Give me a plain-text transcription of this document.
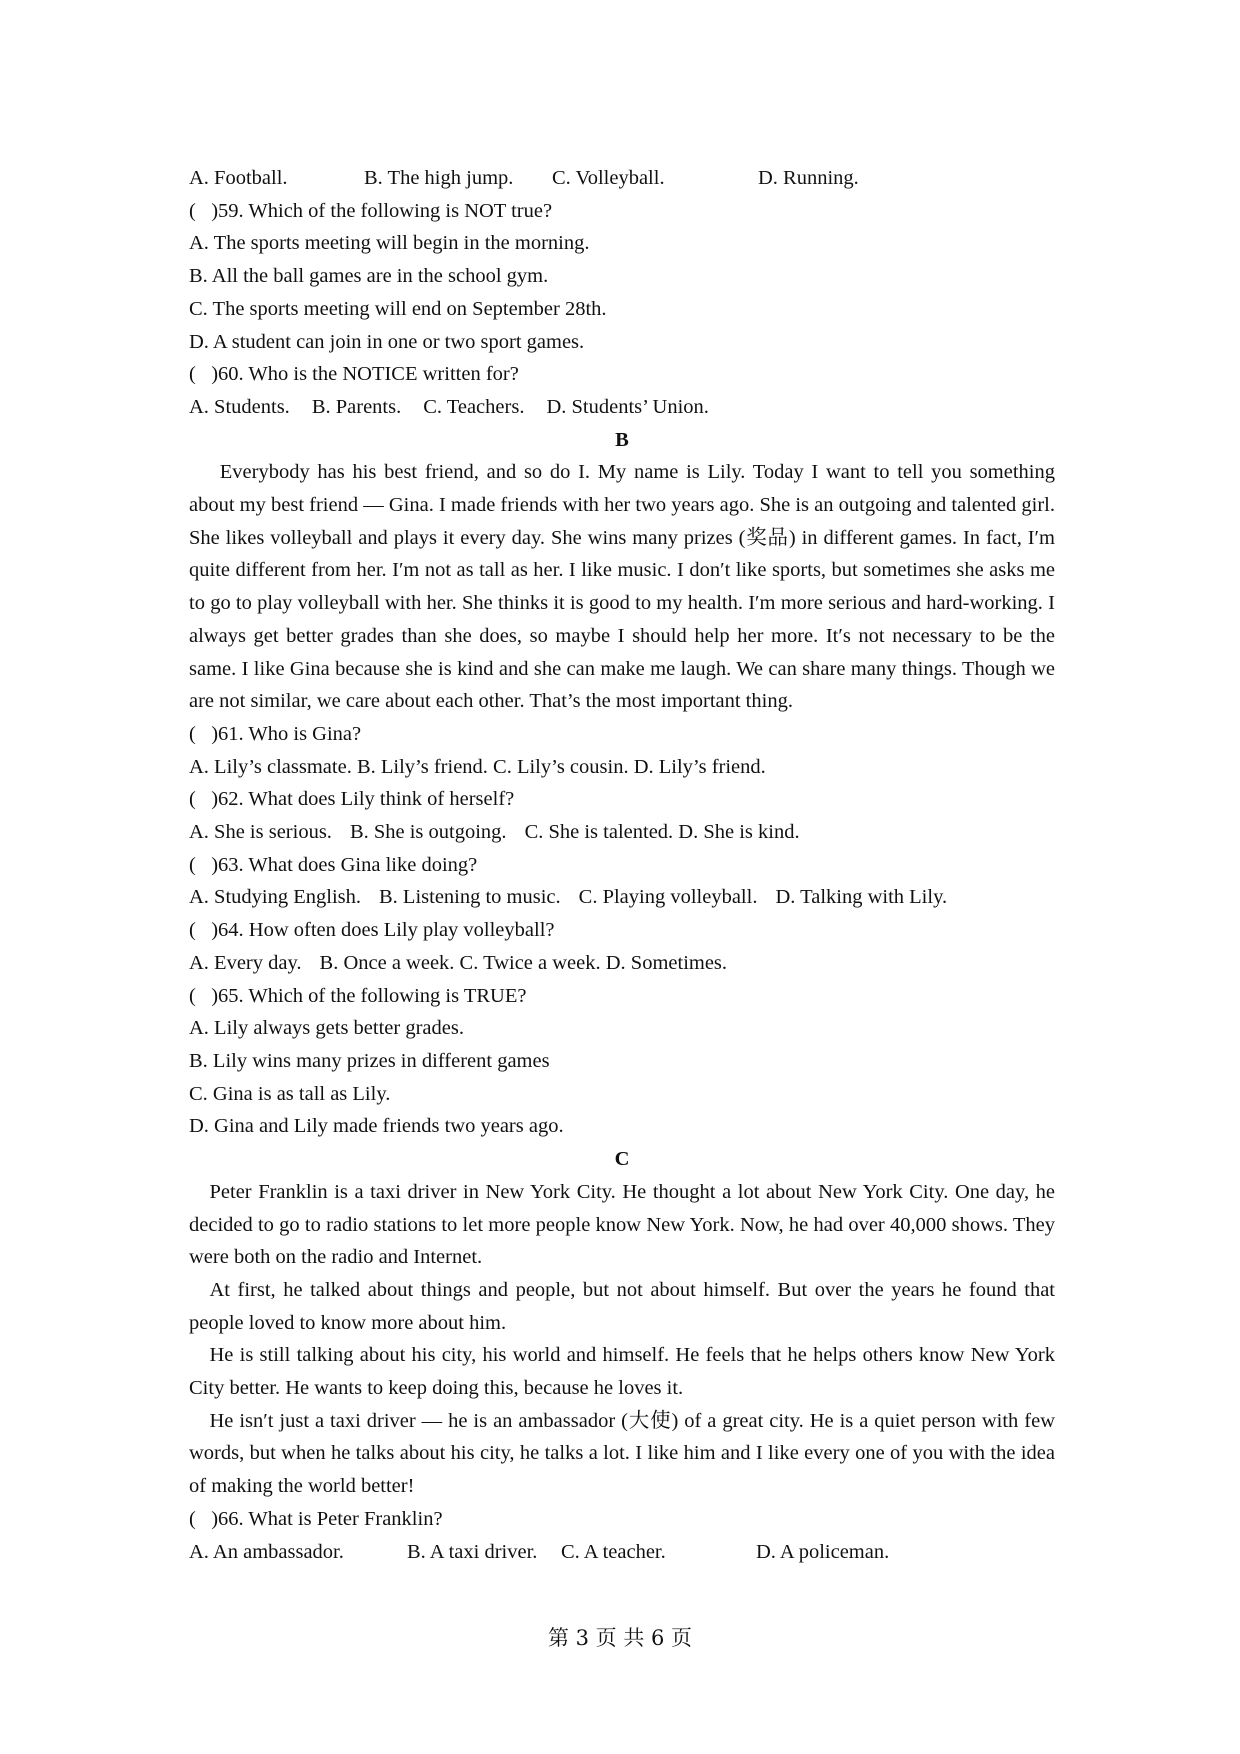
A. Football.	B. The high jump.	C. Volleyball.	D. Running.
(   )59. Which of the following is NOT true?
A. The sports meeting will begin in the morning.
B. All the ball games are in the school gym.
C. The sports meeting will end on September 28th.
D. A student can join in one or two sport games.
(   )60. Who is the NOTICE written for?
A. Students. B. Parents. C. Teachers. D. Students’ Union.
B
Everybody has his best friend, and so do I. My name is Lily. Today I want to tell you something about my best friend — Gina. I made friends with her two years ago. She is an outgoing and talented girl. She likes volleyball and plays it every day. She wins many prizes (奖品) in different games. In fact, I′m quite different from her. I′m not as tall as her. I like music. I don′t like sports, but sometimes she asks me to go to play volleyball with her. She thinks it is good to my health. I′m more serious and hard-working. I always get better grades than she does, so maybe I should help her more. It′s not necessary to be the same. I like Gina because she is kind and she can make me laugh. We can share many things. Though we are not similar, we care about each other. That’s the most important thing.
(   )61. Who is Gina?
A. Lily’s classmate. B. Lily’s friend. C. Lily’s cousin. D. Lily’s friend.
(   )62. What does Lily think of herself?
A. She is serious. B. She is outgoing. C. She is talented. D. She is kind.
(   )63. What does Gina like doing?
A. Studying English. B. Listening to music. C. Playing volleyball. D. Talking with Lily.
(   )64. How often does Lily play volleyball?
A. Every day. B. Once a week. C. Twice a week. D. Sometimes.
(   )65. Which of the following is TRUE?
A. Lily always gets better grades.
B. Lily wins many prizes in different games
C. Gina is as tall as Lily.
D. Gina and Lily made friends two years ago.
C
Peter Franklin is a taxi driver in New York City. He thought a lot about New York City. One day, he decided to go to radio stations to let more people know New York. Now, he had over 40,000 shows. They were both on the radio and Internet.
At first, he talked about things and people, but not about himself. But over the years he found that people loved to know more about him.
He is still talking about his city, his world and himself. He feels that he helps others know New York City better. He wants to keep doing this, because he loves it.
He isn′t just a taxi driver — he is an ambassador (大使) of a great city. He is a quiet person with few words, but when he talks about his city, he talks a lot. I like him and I like every one of you with the idea of making the world better!
(   )66. What is Peter Franklin?
A. An ambassador.	B. A taxi driver.	C. A teacher.	D. A policeman.
第 3 页 共 6 页
